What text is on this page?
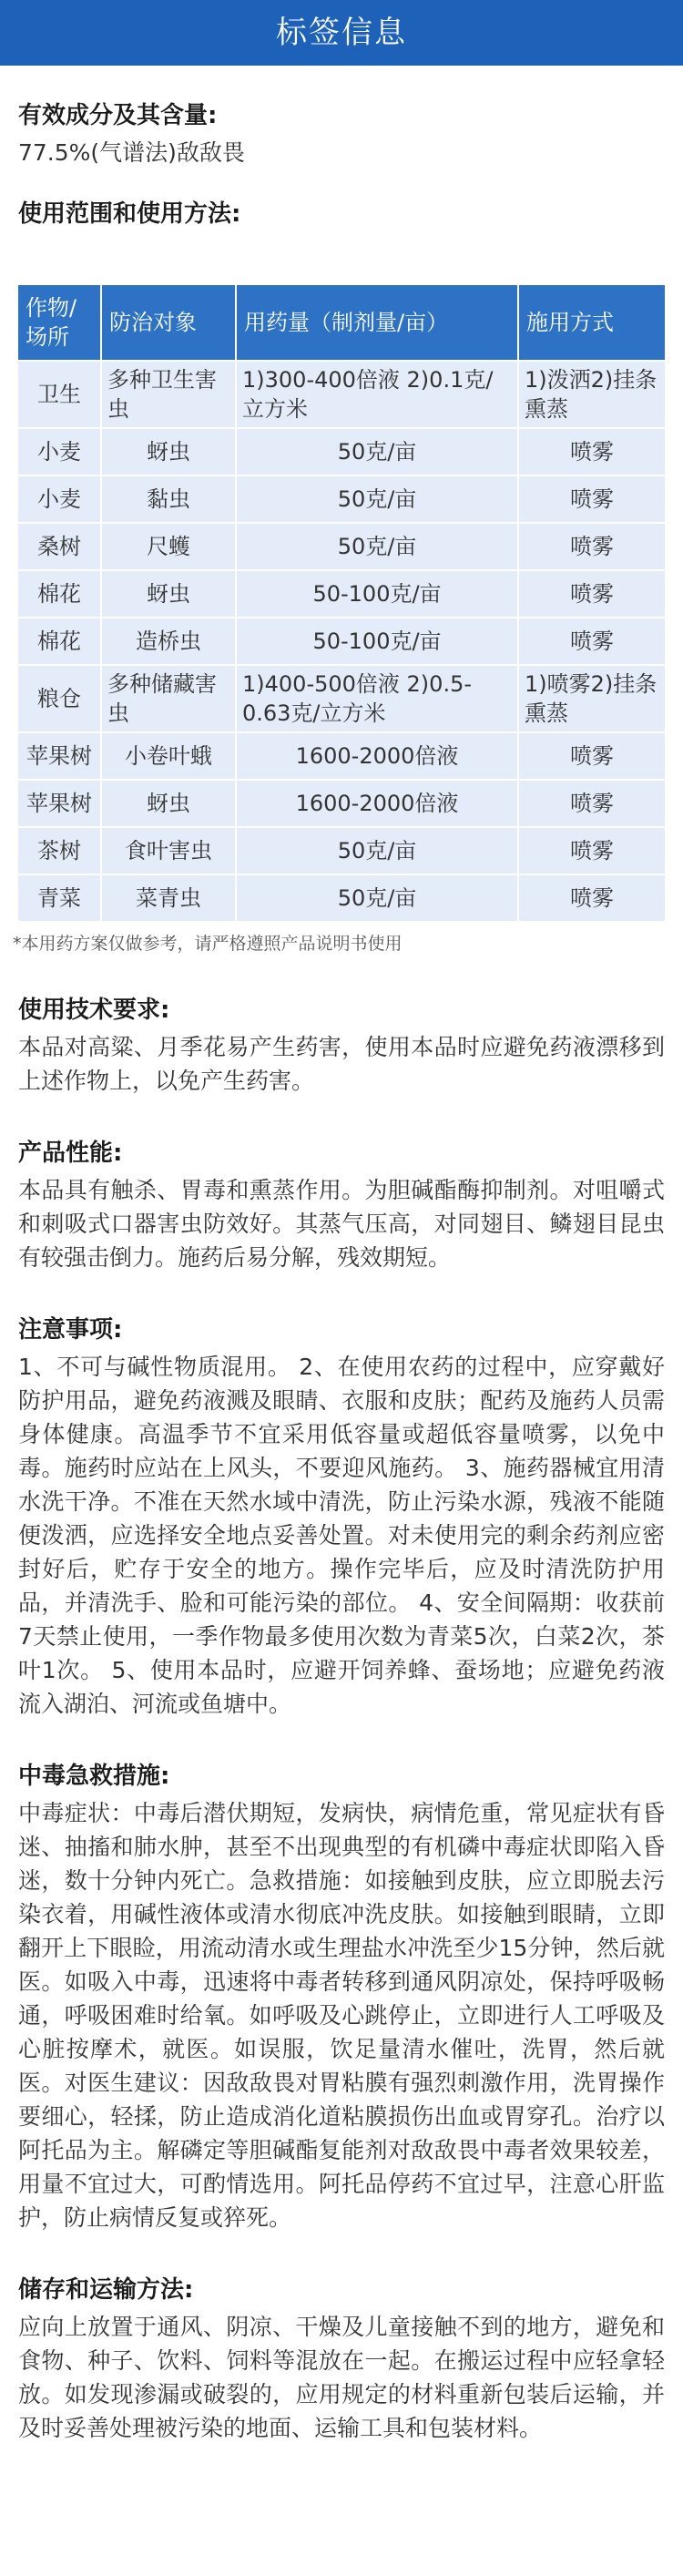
标签信息
有效成分及其含量:
77.5%(气谱法)敌敌畏
使用范围和使用方法:
作物/场所	防治对象	用药量（制剂量/亩）	施用方式
卫生	多种卫生害虫	1)300-400倍液 2)0.1克/立方米	1)泼洒2)挂条熏蒸
小麦	蚜虫	50克/亩	喷雾
小麦	黏虫	50克/亩	喷雾
桑树	尺蠖	50克/亩	喷雾
棉花	蚜虫	50-100克/亩	喷雾
棉花	造桥虫	50-100克/亩	喷雾
粮仓	多种储藏害虫	1)400-500倍液 2)0.5-0.63克/立方米	1)喷雾2)挂条熏蒸
苹果树	小卷叶蛾	1600-2000倍液	喷雾
苹果树	蚜虫	1600-2000倍液	喷雾
茶树	食叶害虫	50克/亩	喷雾
青菜	菜青虫	50克/亩	喷雾
*本用药方案仅做参考，请严格遵照产品说明书使用
使用技术要求:
本品对高粱、月季花易产生药害，使用本品时应避免药液漂移到上述作物上，以免产生药害。
产品性能:
本品具有触杀、胃毒和熏蒸作用。为胆碱酯酶抑制剂。对咀嚼式和刺吸式口器害虫防效好。其蒸气压高，对同翅目、鳞翅目昆虫有较强击倒力。施药后易分解，残效期短。
注意事项:
1、不可与碱性物质混用。 2、在使用农药的过程中，应穿戴好防护用品，避免药液溅及眼睛、衣服和皮肤；配药及施药人员需身体健康。高温季节不宜采用低容量或超低容量喷雾，以免中毒。施药时应站在上风头，不要迎风施药。 3、施药器械宜用清水洗干净。不准在天然水域中清洗，防止污染水源，残液不能随便泼洒，应选择安全地点妥善处置。对未使用完的剩余药剂应密封好后，贮存于安全的地方。操作完毕后，应及时清洗防护用品，并清洗手、脸和可能污染的部位。 4、安全间隔期：收获前7天禁止使用，一季作物最多使用次数为青菜5次，白菜2次，茶叶1次。 5、使用本品时，应避开饲养蜂、蚕场地；应避免药液流入湖泊、河流或鱼塘中。
中毒急救措施:
中毒症状：中毒后潜伏期短，发病快，病情危重，常见症状有昏迷、抽搐和肺水肿，甚至不出现典型的有机磷中毒症状即陷入昏迷，数十分钟内死亡。急救措施：如接触到皮肤，应立即脱去污染衣着，用碱性液体或清水彻底冲洗皮肤。如接触到眼睛，立即翻开上下眼睑，用流动清水或生理盐水冲洗至少15分钟，然后就医。如吸入中毒，迅速将中毒者转移到通风阴凉处，保持呼吸畅通，呼吸困难时给氧。如呼吸及心跳停止，立即进行人工呼吸及心脏按摩术，就医。如误服，饮足量清水催吐，洗胃，然后就医。对医生建议：因敌敌畏对胃粘膜有强烈刺激作用，洗胃操作要细心，轻揉，防止造成消化道粘膜损伤出血或胃穿孔。治疗以阿托品为主。解磷定等胆碱酯复能剂对敌敌畏中毒者效果较差，用量不宜过大，可酌情选用。阿托品停药不宜过早，注意心肝监护，防止病情反复或猝死。
储存和运输方法:
应向上放置于通风、阴凉、干燥及儿童接触不到的地方，避免和食物、种子、饮料、饲料等混放在一起。在搬运过程中应轻拿轻放。如发现渗漏或破裂的，应用规定的材料重新包装后运输，并及时妥善处理被污染的地面、运输工具和包装材料。
